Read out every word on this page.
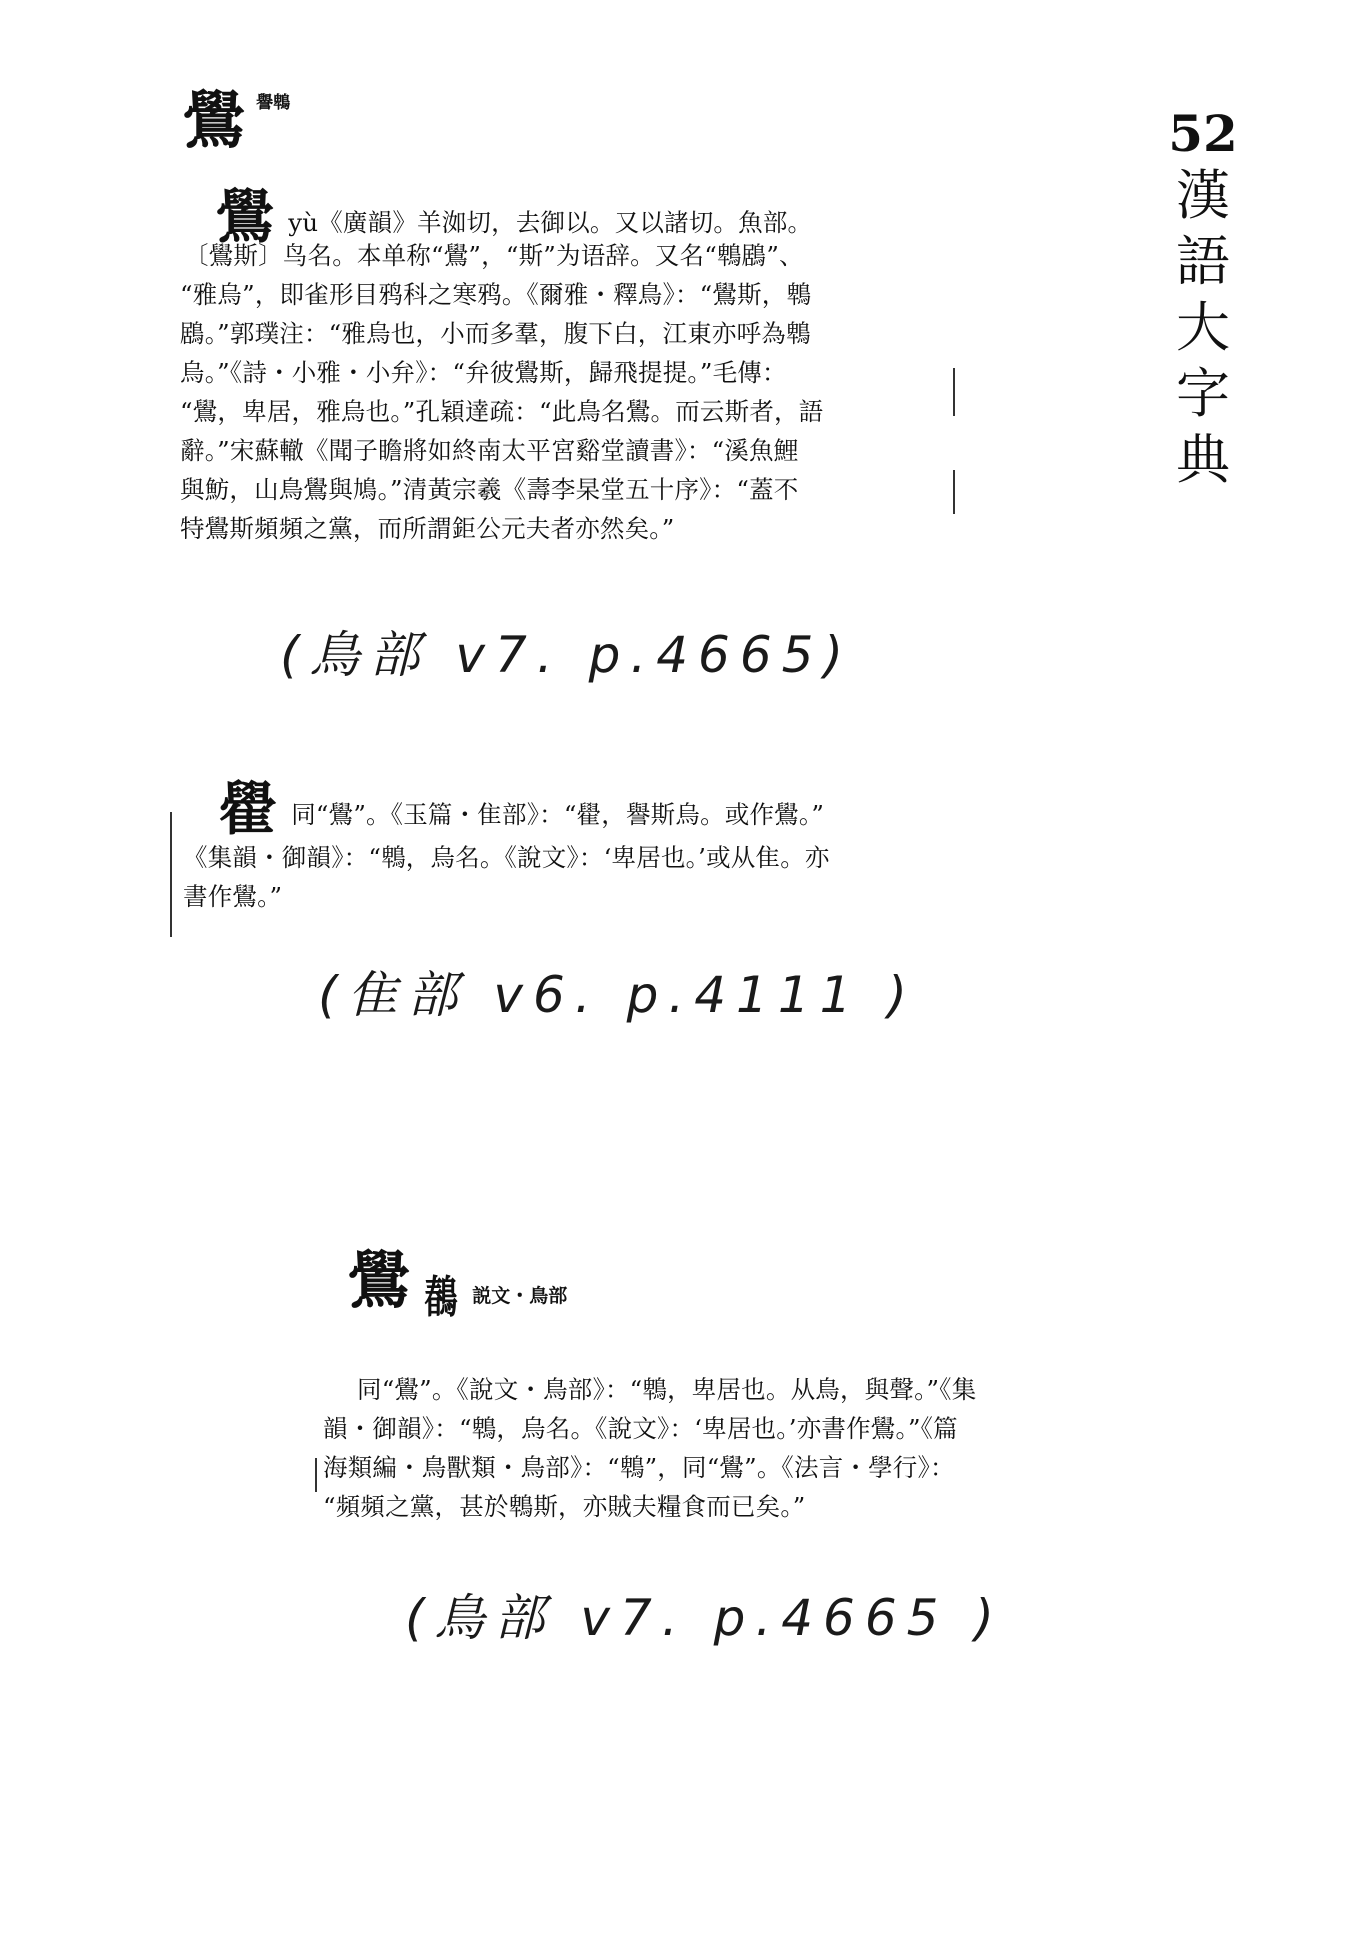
52
漢
語
大
字
典
鷽 譽鵯
鷽 yù《廣韻》羊洳切，去御以。又以諸切。魚部。
〔鷽斯〕鸟名。本单称“鷽”，“斯”为语辞。又名“鵯鶋”、
“雅烏”，即雀形目鸦科之寒鸦。《爾雅・釋鳥》：“鷽斯，鵯
鶋。”郭璞注：“雅烏也，小而多羣，腹下白，江東亦呼為鵯
烏。”《詩・小雅・小弁》：“弁彼鷽斯，歸飛提提。”毛傳：
“鷽，卑居，雅烏也。”孔穎達疏：“此鳥名鷽。而云斯者，語
辭。”宋蘇轍《聞子瞻將如終南太平宮谿堂讀書》：“溪魚鯉
與魴，山鳥鷽與鳩。”清黃宗羲《壽李杲堂五十序》：“蓋不
特鷽斯頻頻之黨，而所謂鉅公元夫者亦然矣。”
(鳥部 v7. p.4665)
雤 同“鷽”。《玉篇・隹部》：“雤，譽斯烏。或作鷽。”
《集韻・御韻》：“鵯，烏名。《說文》：‘卑居也。’或从隹。亦
書作鷽。”
(隹部 v6. p.4111 )
鷽 𪂹 説文・鳥部
同“鷽”。《說文・鳥部》：“鵯，卑居也。从鳥，與聲。”《集
韻・御韻》：“鵯，烏名。《說文》：‘卑居也。’亦書作鷽。”《篇
海類編・鳥獸類・鳥部》：“鵯”，同“鷽”。《法言・學行》：
“頻頻之黨，甚於鵯斯，亦賊夫糧食而已矣。”
(鳥部 v7. p.4665 )
